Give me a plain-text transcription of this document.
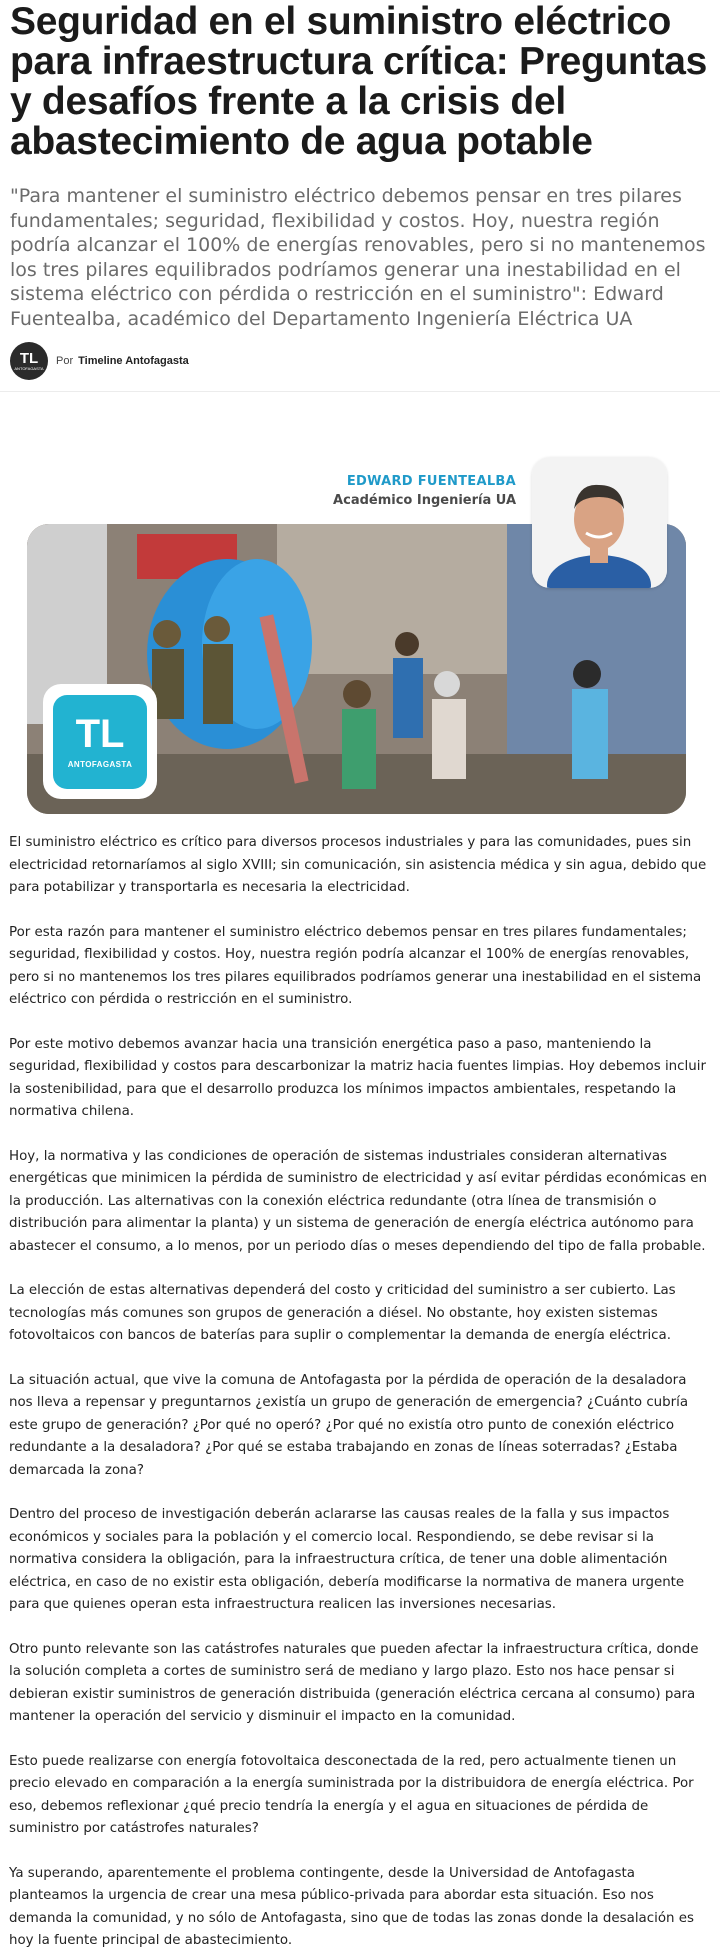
Seguridad en el suministro eléctrico para infraestructura crítica: Preguntas y desafíos frente a la crisis del abastecimiento de agua potable

"Para mantener el suministro eléctrico debemos pensar en tres pilares fundamentales; seguridad, flexibilidad y costos. Hoy, nuestra región podría alcanzar el 100% de energías renovables, pero si no mantenemos los tres pilares equilibrados podríamos generar una inestabilidad en el sistema eléctrico con pérdida o restricción en el suministro": Edward Fuentealba, académico del Departamento Ingeniería Eléctrica UA

TL
ANTOFAGASTA
Por Timeline Antofagasta
EDWARD FUENTEALBA
Académico Ingeniería UA
TL
ANTOFAGASTA

El suministro eléctrico es crítico para diversos procesos industriales y para las comunidades, pues sin electricidad retornaríamos al siglo XVIII; sin comunicación, sin asistencia médica y sin agua, debido que para potabilizar y transportarla es necesaria la electricidad.

Por esta razón para mantener el suministro eléctrico debemos pensar en tres pilares fundamentales; seguridad, flexibilidad y costos. Hoy, nuestra región podría alcanzar el 100% de energías renovables, pero si no mantenemos los tres pilares equilibrados podríamos generar una inestabilidad en el sistema eléctrico con pérdida o restricción en el suministro.

Por este motivo debemos avanzar hacia una transición energética paso a paso, manteniendo la seguridad, flexibilidad y costos para descarbonizar la matriz hacia fuentes limpias. Hoy debemos incluir la sostenibilidad, para que el desarrollo produzca los mínimos impactos ambientales, respetando la normativa chilena.

Hoy, la normativa y las condiciones de operación de sistemas industriales consideran alternativas energéticas que minimicen la pérdida de suministro de electricidad y así evitar pérdidas económicas en la producción. Las alternativas con la conexión eléctrica redundante (otra línea de transmisión o distribución para alimentar la planta) y un sistema de generación de energía eléctrica autónomo para abastecer el consumo, a lo menos, por un periodo días o meses dependiendo del tipo de falla probable.

La elección de estas alternativas dependerá del costo y criticidad del suministro a ser cubierto. Las tecnologías más comunes son grupos de generación a diésel. No obstante, hoy existen sistemas fotovoltaicos con bancos de baterías para suplir o complementar la demanda de energía eléctrica.

La situación actual, que vive la comuna de Antofagasta por la pérdida de operación de la desaladora nos lleva a repensar y preguntarnos ¿existía un grupo de generación de emergencia? ¿Cuánto cubría este grupo de generación? ¿Por qué no operó? ¿Por qué no existía otro punto de conexión eléctrico redundante a la desaladora? ¿Por qué se estaba trabajando en zonas de líneas soterradas? ¿Estaba demarcada la zona?

Dentro del proceso de investigación deberán aclararse las causas reales de la falla y sus impactos económicos y sociales para la población y el comercio local. Respondiendo, se debe revisar si la normativa considera la obligación, para la infraestructura crítica, de tener una doble alimentación eléctrica, en caso de no existir esta obligación, debería modificarse la normativa de manera urgente para que quienes operan esta infraestructura realicen las inversiones necesarias.

Otro punto relevante son las catástrofes naturales que pueden afectar la infraestructura crítica, donde la solución completa a cortes de suministro será de mediano y largo plazo. Esto nos hace pensar si debieran existir suministros de generación distribuida (generación eléctrica cercana al consumo) para mantener la operación del servicio y disminuir el impacto en la comunidad.

Esto puede realizarse con energía fotovoltaica desconectada de la red, pero actualmente tienen un precio elevado en comparación a la energía suministrada por la distribuidora de energía eléctrica. Por eso, debemos reflexionar ¿qué precio tendría la energía y el agua en situaciones de pérdida de suministro por catástrofes naturales?

Ya superando, aparentemente el problema contingente, desde la Universidad de Antofagasta planteamos la urgencia de crear una mesa público-privada para abordar esta situación. Eso nos demanda la comunidad, y no sólo de Antofagasta, sino que de todas las zonas donde la desalación es hoy la fuente principal de abastecimiento.
